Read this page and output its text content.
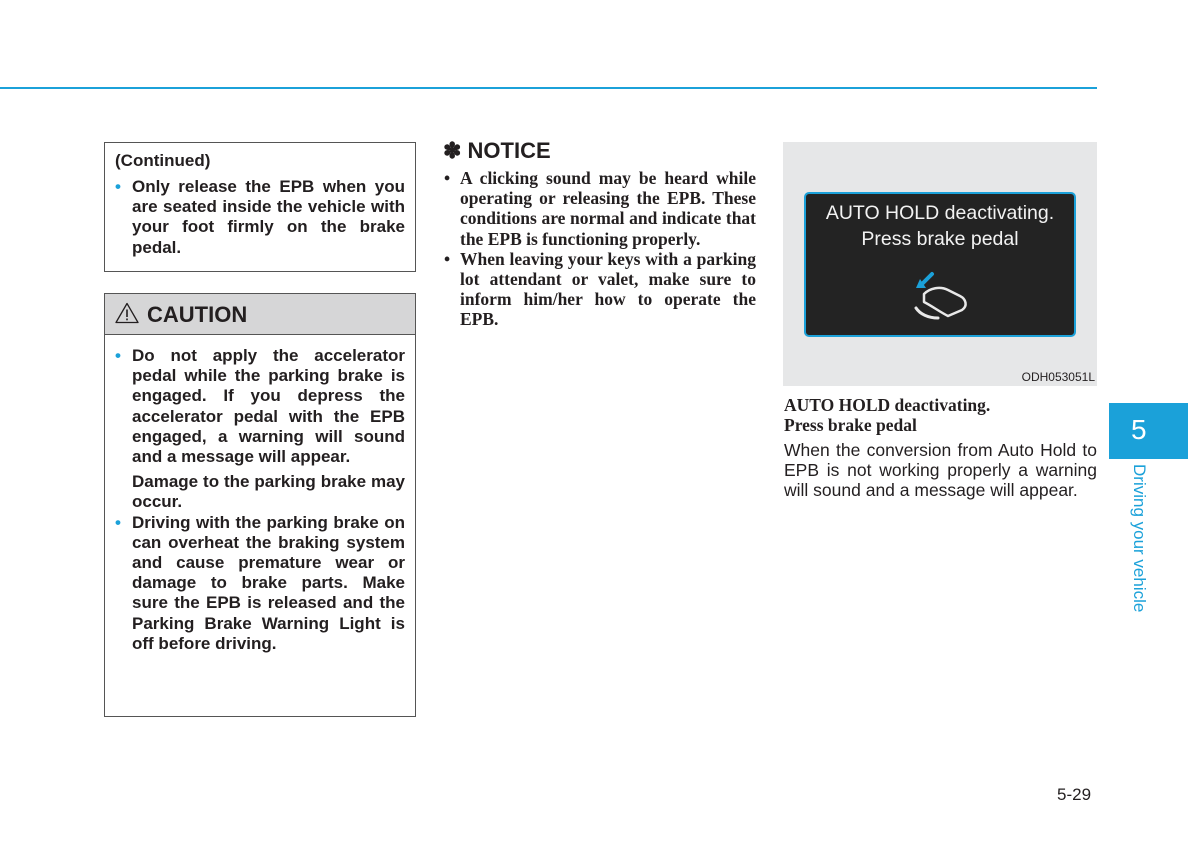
(Continued)
• Only release the EPB when you are seated inside the vehicle with your foot firmly on the brake pedal.
CAUTION
• Do not apply the accelerator pedal while the parking brake is engaged. If you depress the accelerator pedal with the EPB engaged, a warning will sound and a message will appear.
Damage to the parking brake may occur.
• Driving with the parking brake on can overheat the braking system and cause premature wear or damage to brake parts. Make sure the EPB is released and the Parking Brake Warning Light is off before driving.
✽ NOTICE
• A clicking sound may be heard while operating or releasing the EPB. These conditions are normal and indicate that the EPB is functioning properly.
• When leaving your keys with a parking lot attendant or valet, make sure to inform him/her how to operate the EPB.
AUTO HOLD deactivating.
Press brake pedal
ODH053051L
AUTO HOLD deactivating.
Press brake pedal
When the conversion from Auto Hold to EPB is not working properly a warning will sound and a message will appear.
5
Driving your vehicle
5-29
